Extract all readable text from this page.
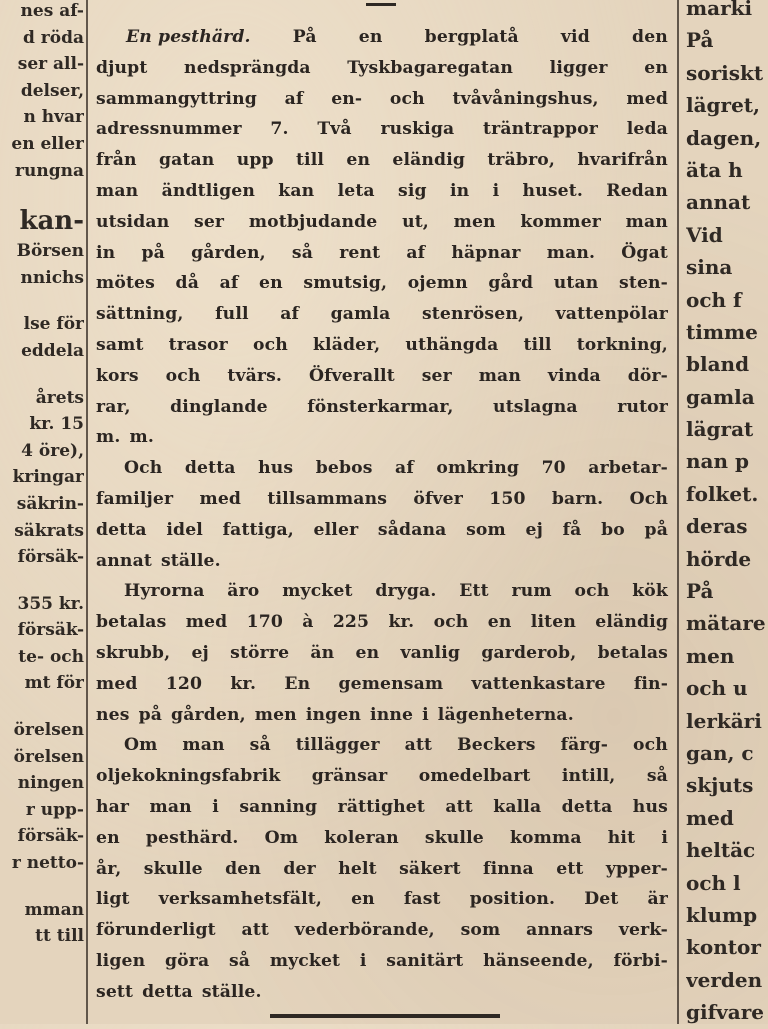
nes af-
d röda
ser all-
delser,
n hvar
en eller
rungna
kan-
Börsen
nnichs
lse för
eddela
årets
kr. 15
4 öre),
kringar
säkrin-
säkrats
försäk-
355 kr.
försäk-
te- och
mt för
örelsen
örelsen
ningen
r upp-
försäk-
r netto-
mman
tt till
marki
På
soriskt
lägret,
dagen,
äta h
annat
Vid
sina
och f
timme
bland
gamla
lägrat
nan p
folket.
deras
hörde
På
mätare
men
och u
lerkäri
gan, c
skjuts
med
heltäc
och l
klump
kontor
verden
gifvare
En pesthärd. På en bergplatå vid den
djupt nedsprängda Tyskbagaregatan ligger en
sammangyttring af en- och tvåvåningshus, med
adressnummer 7. Två ruskiga träntrappor leda
från gatan upp till en eländig träbro, hvarifrån
man ändtligen kan leta sig in i huset. Redan
utsidan ser motbjudande ut, men kommer man
in på gården, så rent af häpnar man. Ögat
mötes då af en smutsig, ojemn gård utan sten-
sättning, full af gamla stenrösen, vattenpölar
samt trasor och kläder, uthängda till torkning,
kors och tvärs. Öfverallt ser man vinda dör-
rar, dinglande fönsterkarmar, utslagna rutor
m. m.
Och detta hus bebos af omkring 70 arbetar-
familjer med tillsammans öfver 150 barn. Och
detta idel fattiga, eller sådana som ej få bo på
annat ställe.
Hyrorna äro mycket dryga. Ett rum och kök
betalas med 170 à 225 kr. och en liten eländig
skrubb, ej större än en vanlig garderob, betalas
med 120 kr. En gemensam vattenkastare fin-
nes på gården, men ingen inne i lägenheterna.
Om man så tillägger att Beckers färg- och
oljekokningsfabrik gränsar omedelbart intill, så
har man i sanning rättighet att kalla detta hus
en pesthärd. Om koleran skulle komma hit i
år, skulle den der helt säkert finna ett ypper-
ligt verksamhetsfält, en fast position. Det är
förunderligt att vederbörande, som annars verk-
ligen göra så mycket i sanitärt hänseende, förbi-
sett detta ställe.
